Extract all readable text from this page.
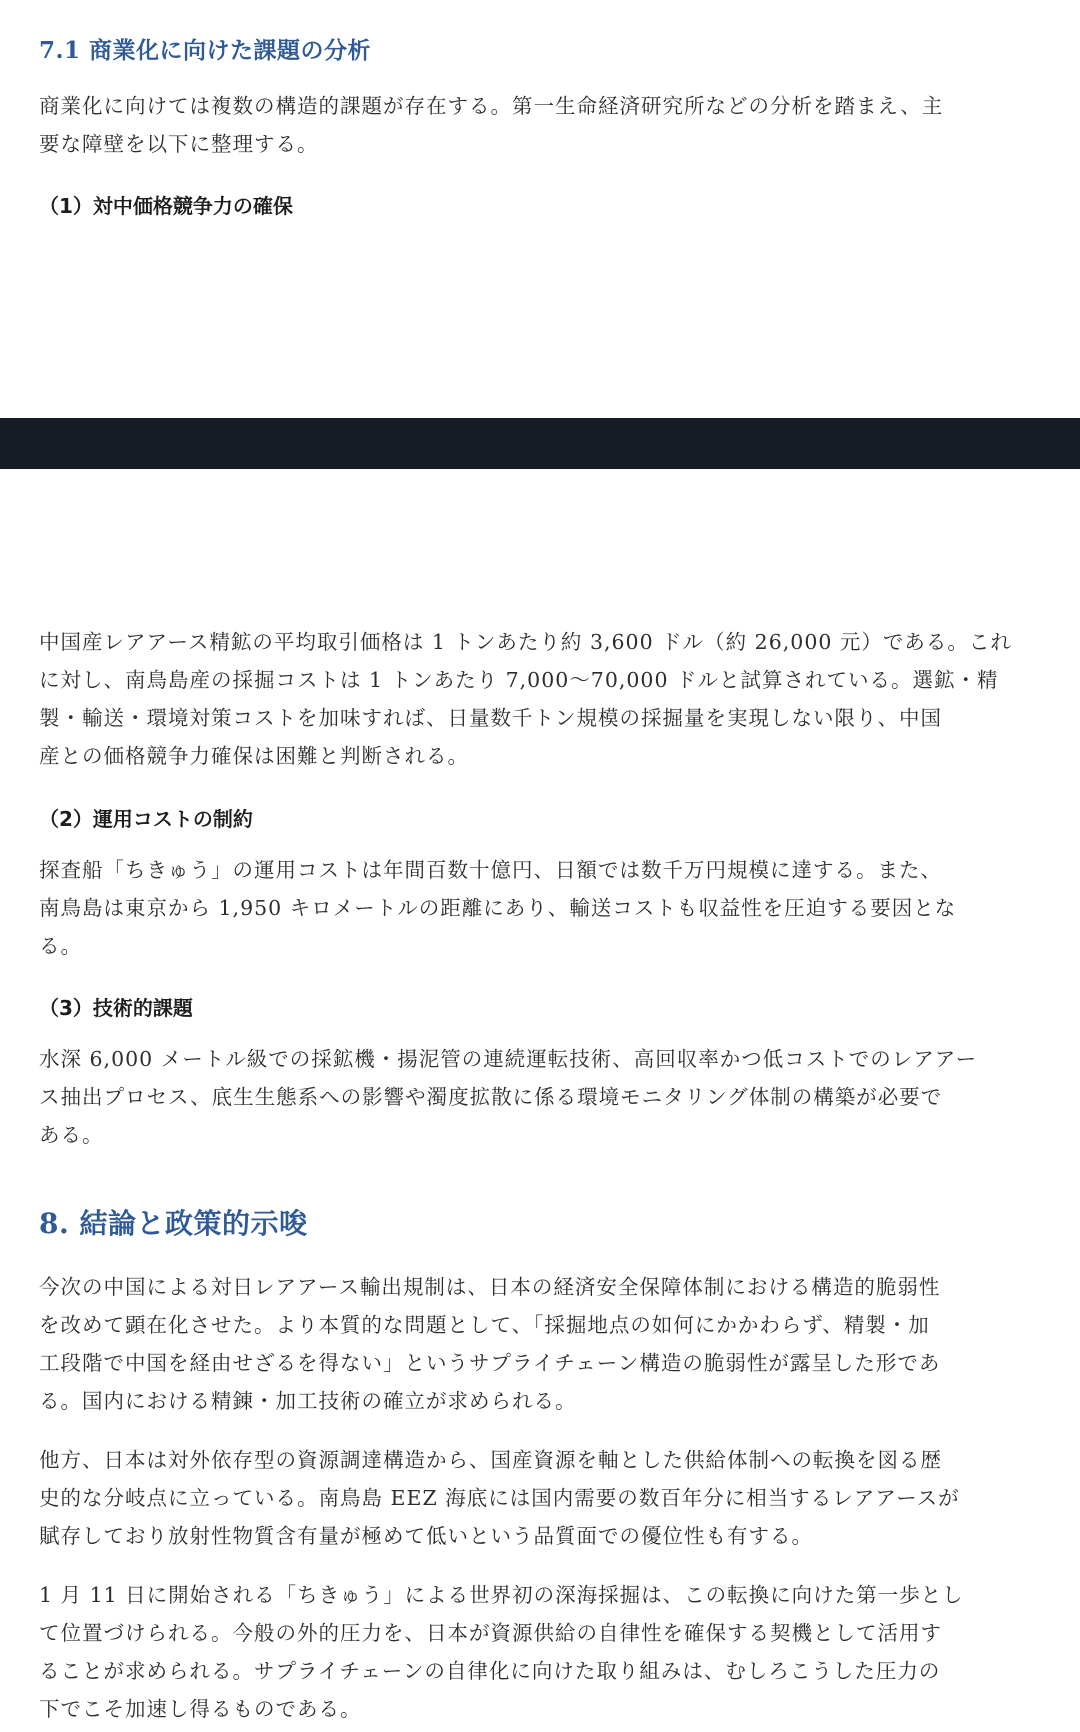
7.1 商業化に向けた課題の分析

商業化に向けては複数の構造的課題が存在する。第一生命経済研究所などの分析を踏まえ、主
要な障壁を以下に整理する。

（1）対中価格競争力の確保

中国産レアアース精鉱の平均取引価格は 1 トンあたり約 3,600 ドル（約 26,000 元）である。これ
に対し、南鳥島産の採掘コストは 1 トンあたり 7,000〜70,000 ドルと試算されている。選鉱・精
製・輸送・環境対策コストを加味すれば、日量数千トン規模の採掘量を実現しない限り、中国
産との価格競争力確保は困難と判断される。

（2）運用コストの制約

探査船「ちきゅう」の運用コストは年間百数十億円、日額では数千万円規模に達する。また、
南鳥島は東京から 1,950 キロメートルの距離にあり、輸送コストも収益性を圧迫する要因とな
る。

（3）技術的課題

水深 6,000 メートル級での採鉱機・揚泥管の連続運転技術、高回収率かつ低コストでのレアアー
ス抽出プロセス、底生生態系への影響や濁度拡散に係る環境モニタリング体制の構築が必要で
ある。

8. 結論と政策的示唆

今次の中国による対日レアアース輸出規制は、日本の経済安全保障体制における構造的脆弱性
を改めて顕在化させた。より本質的な問題として、「採掘地点の如何にかかわらず、精製・加
工段階で中国を経由せざるを得ない」というサプライチェーン構造の脆弱性が露呈した形であ
る。国内における精錬・加工技術の確立が求められる。

他方、日本は対外依存型の資源調達構造から、国産資源を軸とした供給体制への転換を図る歴
史的な分岐点に立っている。南鳥島 EEZ 海底には国内需要の数百年分に相当するレアアースが
賦存しており放射性物質含有量が極めて低いという品質面での優位性も有する。

1 月 11 日に開始される「ちきゅう」による世界初の深海採掘は、この転換に向けた第一歩とし
て位置づけられる。今般の外的圧力を、日本が資源供給の自律性を確保する契機として活用す
ることが求められる。サプライチェーンの自律化に向けた取り組みは、むしろこうした圧力の
下でこそ加速し得るものである。
